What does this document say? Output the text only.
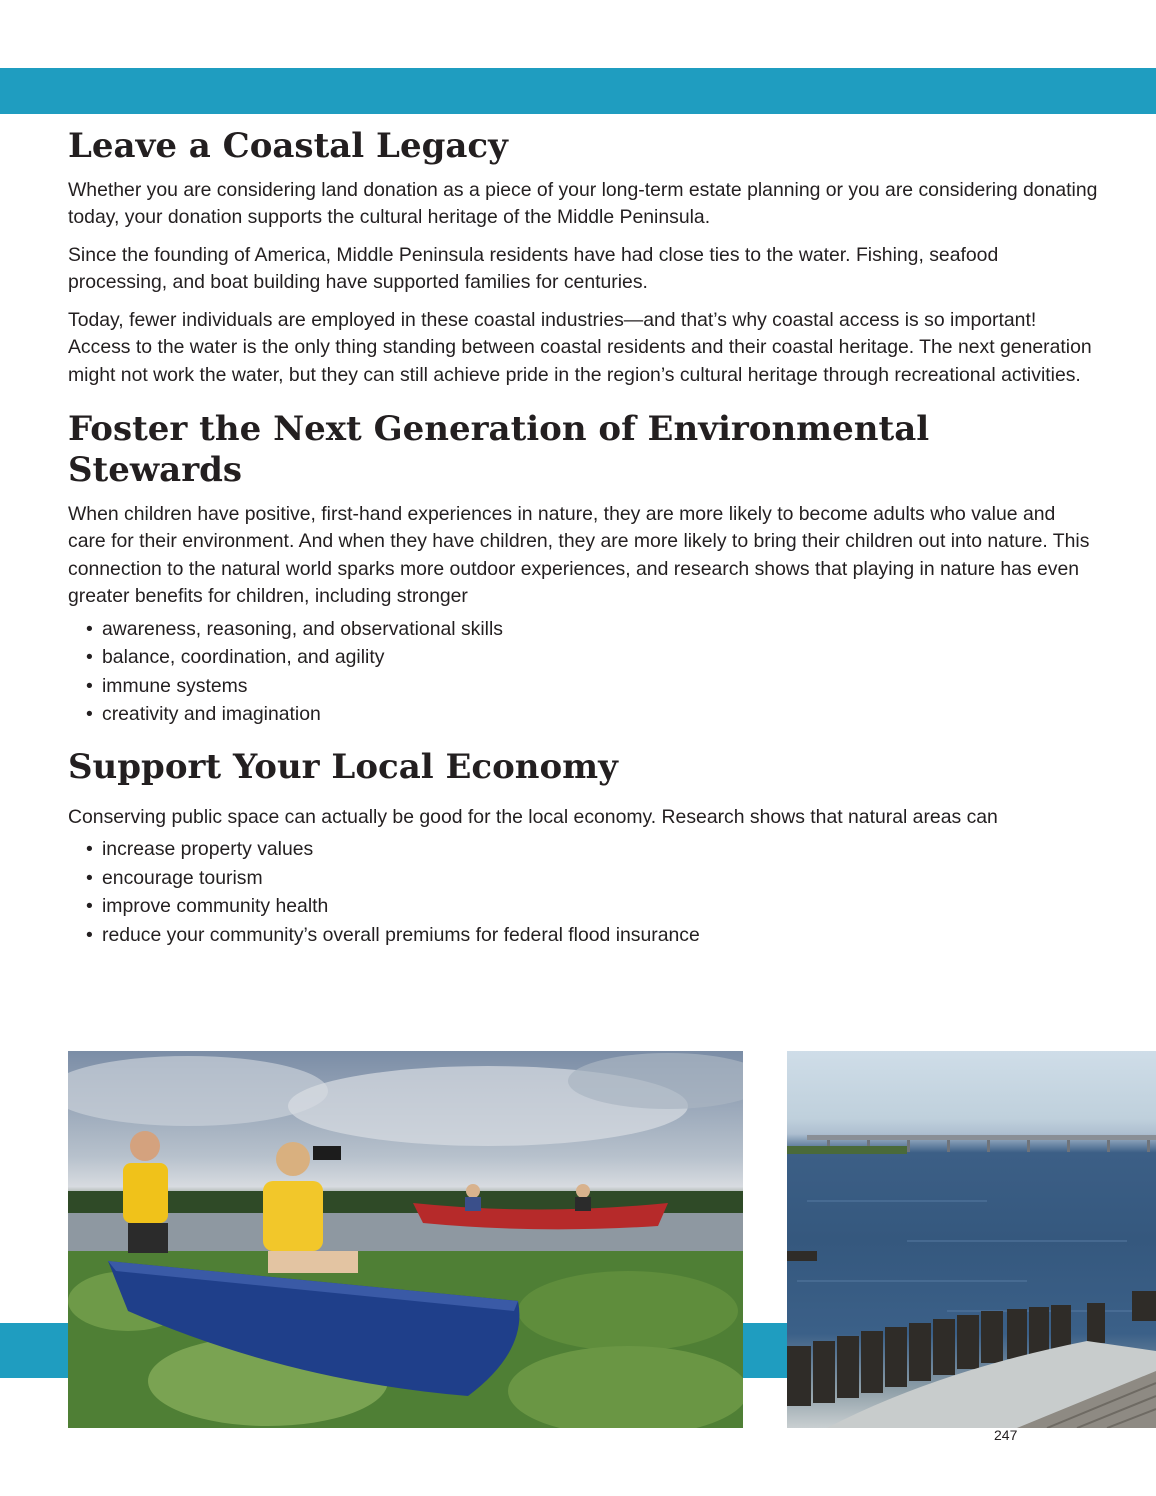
Leave a Coastal Legacy

Whether you are considering land donation as a piece of your long-term estate planning or you are considering donating today, your donation supports the cultural heritage of the Middle Peninsula.

Since the founding of America, Middle Peninsula residents have had close ties to the water. Fishing, seafood processing, and boat building have supported families for centuries.

Today, fewer individuals are employed in these coastal industries—and that’s why coastal access is so important! Access to the water is the only thing standing between coastal residents and their coastal heritage. The next generation might not work the water, but they can still achieve pride in the region’s cultural heritage through recreational activities.

Foster the Next Generation of Environmental Stewards

When children have positive, first-hand experiences in nature, they are more likely to become adults who value and care for their environment. And when they have children, they are more likely to bring their children out into nature. This connection to the natural world sparks more outdoor experiences, and research shows that playing in nature has even greater benefits for children, including stronger

• awareness, reasoning, and observational skills
• balance, coordination, and agility
• immune systems
• creativity and imagination
Support Your Local Economy

Conserving public space can actually be good for the local economy. Research shows that natural areas can

• increase property values
• encourage tourism
• improve community health
• reduce your community’s overall premiums for federal flood insurance
247
